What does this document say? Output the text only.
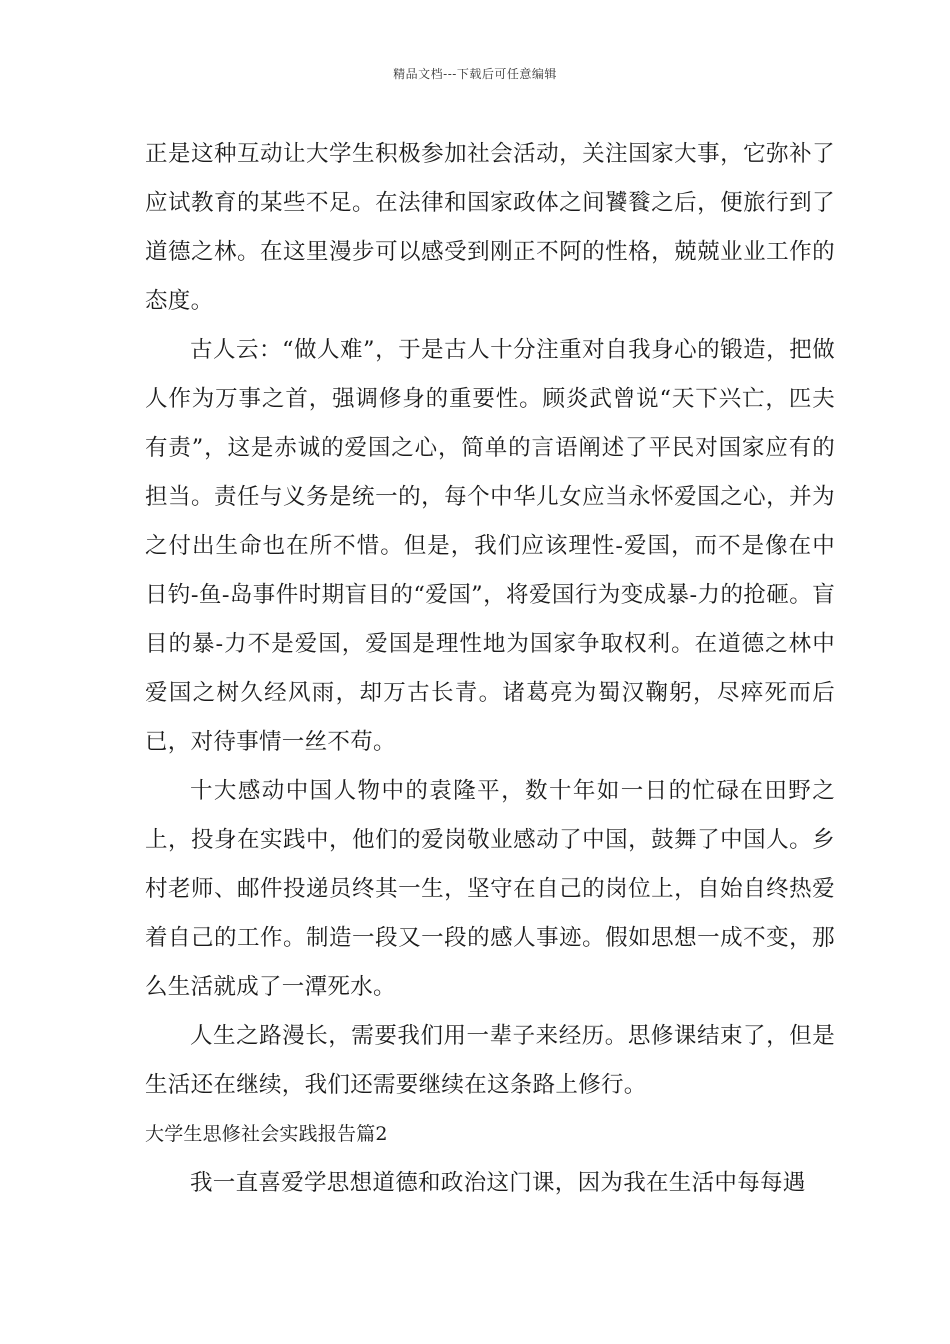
精品文档---下载后可任意编辑

正是这种互动让大学生积极参加社会活动，关注国家大事，它弥补了应试教育的某些不足。在法律和国家政体之间饕餮之后，便旅行到了道德之林。在这里漫步可以感受到刚正不阿的性格，兢兢业业工作的态度。

古人云：“做人难”，于是古人十分注重对自我身心的锻造，把做人作为万事之首，强调修身的重要性。顾炎武曾说“天下兴亡，匹夫有责”，这是赤诚的爱国之心，简单的言语阐述了平民对国家应有的担当。责任与义务是统一的，每个中华儿女应当永怀爱国之心，并为之付出生命也在所不惜。但是，我们应该理性-爱国，而不是像在中日钓-鱼-岛事件时期盲目的“爱国”，将爱国行为变成暴-力的抢砸。盲目的暴-力不是爱国，爱国是理性地为国家争取权利。在道德之林中爱国之树久经风雨，却万古长青。诸葛亮为蜀汉鞠躬，尽瘁死而后已，对待事情一丝不苟。

十大感动中国人物中的袁隆平，数十年如一日的忙碌在田野之上，投身在实践中，他们的爱岗敬业感动了中国，鼓舞了中国人。乡村老师、邮件投递员终其一生，坚守在自己的岗位上，自始自终热爱着自己的工作。制造一段又一段的感人事迹。假如思想一成不变，那么生活就成了一潭死水。

人生之路漫长，需要我们用一辈子来经历。思修课结束了，但是生活还在继续，我们还需要继续在这条路上修行。

大学生思修社会实践报告篇2

我一直喜爱学思想道德和政治这门课，因为我在生活中每每遇
